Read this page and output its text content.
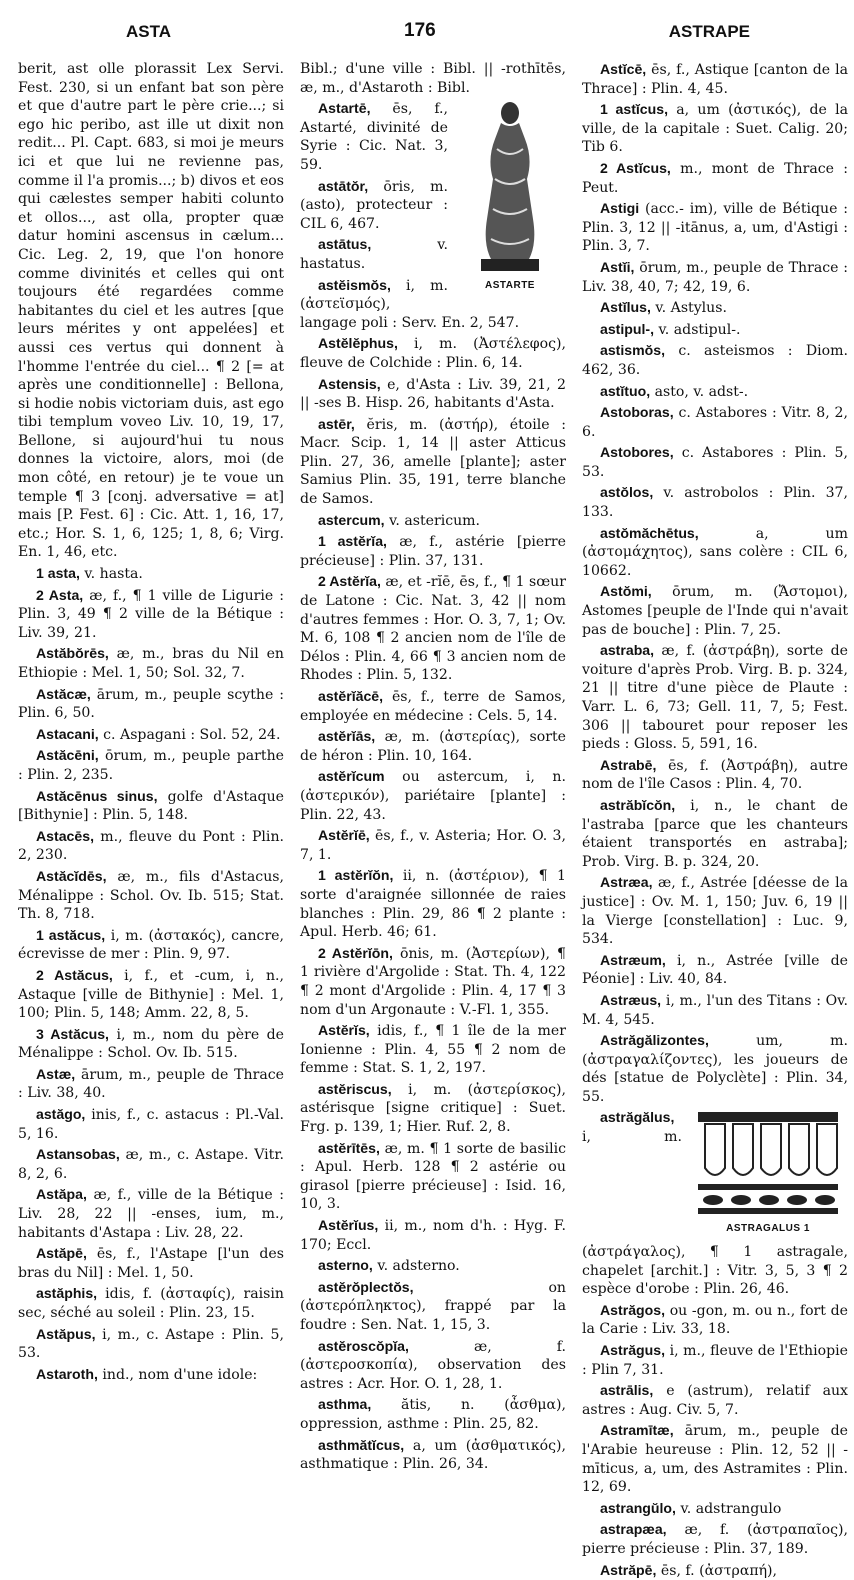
ASTA	176	ASTRAPE

berit, ast olle plorassit Lex Servi. Fest. 230, si un enfant bat son père et que d'autre part le père crie...; si ego hic peribo, ast ille ut dixit non redit... Pl. Capt. 683, si moi je meurs ici et que lui ne revienne pas, comme il l'a promis...; b) divos et eos qui cælestes semper habiti colunto et ollos..., ast olla, propter quæ datur homini ascensus in cælum... Cic. Leg. 2, 19, que l'on honore comme divinités et celles qui ont toujours été regardées comme habitantes du ciel et les autres [que leurs mérites y ont appelées] et aussi ces vertus qui donnent à l'homme l'entrée du ciel... ¶ 2 [= at après une conditionnelle] : Bellona, si hodie nobis victoriam duis, ast ego tibi templum voveo Liv. 10, 19, 17, Bellone, si aujourd'hui tu nous donnes la victoire, alors, moi (de mon côté, en retour) je te voue un temple ¶ 3 [conj. adversative = at] mais [P. Fest. 6] : Cic. Att. 1, 16, 17, etc.; Hor. S. 1, 6, 125; 1, 8, 6; Virg. En. 1, 46, etc.

1 asta, v. hasta.

2 Asta, æ, f., ¶ 1 ville de Ligurie : Plin. 3, 49 ¶ 2 ville de la Bétique : Liv. 39, 21.

Astăbŏrēs, æ, m., bras du Nil en Ethiopie : Mel. 1, 50; Sol. 32, 7.

Astăcæ, ārum, m., peuple scythe : Plin. 6, 50.

Astacani, c. Aspagani : Sol. 52, 24.

Astăcēni, ōrum, m., peuple parthe : Plin. 2, 235.

Astăcēnus sinus, golfe d'Astaque [Bithynie] : Plin. 5, 148.

Astacēs, m., fleuve du Pont : Plin. 2, 230.

Astăcĭdēs, æ, m., fils d'Astacus, Ménalippe : Schol. Ov. Ib. 515; Stat. Th. 8, 718.

1 astăcus, i, m. (ἀστακός), cancre, écrevisse de mer : Plin. 9, 97.

2 Astăcus, i, f., et -cum, i, n., Astaque [ville de Bithynie] : Mel. 1, 100; Plin. 5, 148; Amm. 22, 8, 5.

3 Astăcus, i, m., nom du père de Ménalippe : Schol. Ov. Ib. 515.

Astæ, ārum, m., peuple de Thrace : Liv. 38, 40.

astăgo, inis, f., c. astacus : Pl.-Val. 5, 16.

Astansobas, æ, m., c. Astape. Vitr. 8, 2, 6.

Astăpa, æ, f., ville de la Bétique : Liv. 28, 22 || -enses, ium, m., habitants d'Astapa : Liv. 28, 22.

Astăpē, ēs, f., l'Astape [l'un des bras du Nil] : Mel. 1, 50.

astăphis, idis, f. (ἀσταφίς), raisin sec, séché au soleil : Plin. 23, 15.

Astăpus, i, m., c. Astape : Plin. 5, 53.

Astaroth, ind., nom d'une idole:

Bibl.; d'une ville : Bibl. || -rothītēs, æ, m., d'Astaroth : Bibl.

ASTARTE

Astartē, ēs, f., Astarté, divinité de Syrie : Cic. Nat. 3, 59.

astātŏr, ōris, m. (asto), protecteur : CIL 6, 467.

astātus,	v. hastatus.

astĕismŏs, i, m. (ἀστεϊσμός), langage poli : Serv. En. 2, 547.

Astĕlĕphus, i, m. (Ἀστέλεφος), fleuve de Colchide : Plin. 6, 14.

Astensis, e, d'Asta : Liv. 39, 21, 2 || -ses B. Hisp. 26, habitants d'Asta.

astēr, ĕris, m. (ἀστήρ), étoile : Macr. Scip. 1, 14 || aster Atticus Plin. 27, 36, amelle [plante]; aster Samius Plin. 35, 191, terre blanche de Samos.

astercum, v. astericum.

1 astĕrĭa, æ, f., astérie [pierre précieuse] : Plin. 37, 131.

2 Astĕrĭa, æ, et -rĭē, ēs, f., ¶ 1 sœur de Latone : Cic. Nat. 3, 42 || nom d'autres femmes : Hor. O. 3, 7, 1; Ov. M. 6, 108 ¶ 2 ancien nom de l'île de Délos : Plin. 4, 66 ¶ 3 ancien nom de Rhodes : Plin. 5, 132.

astĕrĭăcē, ēs, f., terre de Samos, employée en médecine : Cels. 5, 14.

astĕrĭās, æ, m. (ἀστερίας), sorte de héron : Plin. 10, 164.

astĕrĭcum ou astercum, i, n. (ἀστερικόν), pariétaire [plante] : Plin. 22, 43.

Astĕrĭē, ēs, f., v. Asteria; Hor. O. 3, 7, 1.

1 astĕrĭŏn, ii, n. (ἀστέριον), ¶ 1 sorte d'araignée sillonnée de raies blanches : Plin. 29, 86 ¶ 2 plante : Apul. Herb. 46; 61.

2 Astĕrĭōn, ōnis, m. (Ἀστερίων), ¶ 1 rivière d'Argolide : Stat. Th. 4, 122 ¶ 2 mont d'Argolide : Plin. 4, 17 ¶ 3 nom d'un Argonaute : V.-Fl. 1, 355.

Astĕrĭs, idis, f., ¶ 1 île de la mer Ionienne : Plin. 4, 55 ¶ 2 nom de femme : Stat. S. 1, 2, 197.

astĕriscus, i, m. (ἀστερίσκος), astérisque [signe critique] : Suet. Frg. p. 139, 1; Hier. Ruf. 2, 8.

astĕrītēs, æ, m. ¶ 1 sorte de basilic : Apul. Herb. 128 ¶ 2 astérie ou girasol [pierre précieuse] : Isid. 16, 10, 3.

Astĕrĭus, ii, m., nom d'h. : Hyg. F. 170; Eccl.

asterno, v. adsterno.

astĕrŏplectŏs,	on (ἀστερόπληκτος), frappé par la foudre : Sen. Nat. 1, 15, 3.

astĕroscŏpĭa,	æ, f. (ἀστεροσκοπία), observation des astres : Acr. Hor. O. 1, 28, 1.

asthma, ătis, n. (ἆσθμα), oppression, asthme : Plin. 25, 82.

asthmătĭcus, a, um (ἀσθματικός), asthmatique : Plin. 26, 34.

Astĭcē, ēs, f., Astique [canton de la Thrace] : Plin. 4, 45.

1 astĭcus, a, um (ἀστικός), de la ville, de la capitale : Suet. Calig. 20; Tib 6.

2 Astĭcus, m., mont de Thrace : Peut.

Astigi (acc.- im), ville de Bétique : Plin. 3, 12 || -itānus, a, um, d'Astigi : Plin. 3, 7.

Astĭi, ōrum, m., peuple de Thrace : Liv. 38, 40, 7; 42, 19, 6.

Astĭlus, v. Astylus.

astipul-, v. adstipul-.

astismŏs, c. asteismos : Diom. 462, 36.

astĭtuo, asto, v. adst-.

Astoboras, c. Astabores : Vitr. 8, 2, 6.

Astobores, c. Astabores : Plin. 5, 53.

astŏlos, v. astrobolos : Plin. 37, 133.

astŏmăchētus,	a, um (ἀστομάχητος), sans colère : CIL 6, 10662.

Astŏmi, ōrum, m. (Ἄστομοι), Astomes [peuple de l'Inde qui n'avait pas de bouche] : Plin. 7, 25.

astraba, æ, f. (ἀστράβη), sorte de voiture d'après Prob. Virg. B. p. 324, 21 || titre d'une pièce de Plaute : Varr. L. 6, 73; Gell. 11, 7, 5; Fest. 306 || tabouret pour reposer les pieds : Gloss. 5, 591, 16.

Astrabē, ēs, f. (Ἀστράβη), autre nom de l'île Casos : Plin. 4, 70.

astrăbĭcŏn, i, n., le chant de l'astraba [parce que les chanteurs étaient transportés en astraba]; Prob. Virg. B. p. 324, 20.

Astræa, æ, f., Astrée [déesse de la justice] : Ov. M. 1, 150; Juv. 6, 19 || la Vierge [constellation] : Luc. 9, 534.

Astræum, i, n., Astrée [ville de Péonie] : Liv. 40, 84.

Astræus, i, m., l'un des Titans : Ov. M. 4, 545.

Astrăgălizontes,	um, m. (ἀστραγαλίζοντες), les joueurs de dés [statue de Polyclète] : Plin. 34, 55.

ASTRAGALUS 1

astrăgălus, i, m. (ἀστράγαλος), ¶ 1 astragale, chapelet [archit.] : Vitr. 3, 5, 3 ¶ 2 espèce d'orobe : Plin. 26, 46.

Astrăgos, ou -gon, m. ou n., fort de la Carie : Liv. 33, 18.

Astrăgus, i, m., fleuve de l'Ethiopie : Plin 7, 31.

astrālis, e (astrum), relatif aux astres : Aug. Civ. 5, 7.

Astramītæ, ārum, m., peuple de l'Arabie heureuse : Plin. 12, 52 || -mīticus, a, um, des Astramites : Plin. 12, 69.

astrangŭlo, v. adstrangulo

astrapæa, æ, f. (ἀστραπαῖος), pierre précieuse : Plin. 37, 189.

Astrăpē, ēs, f. (ἀστραπή),
